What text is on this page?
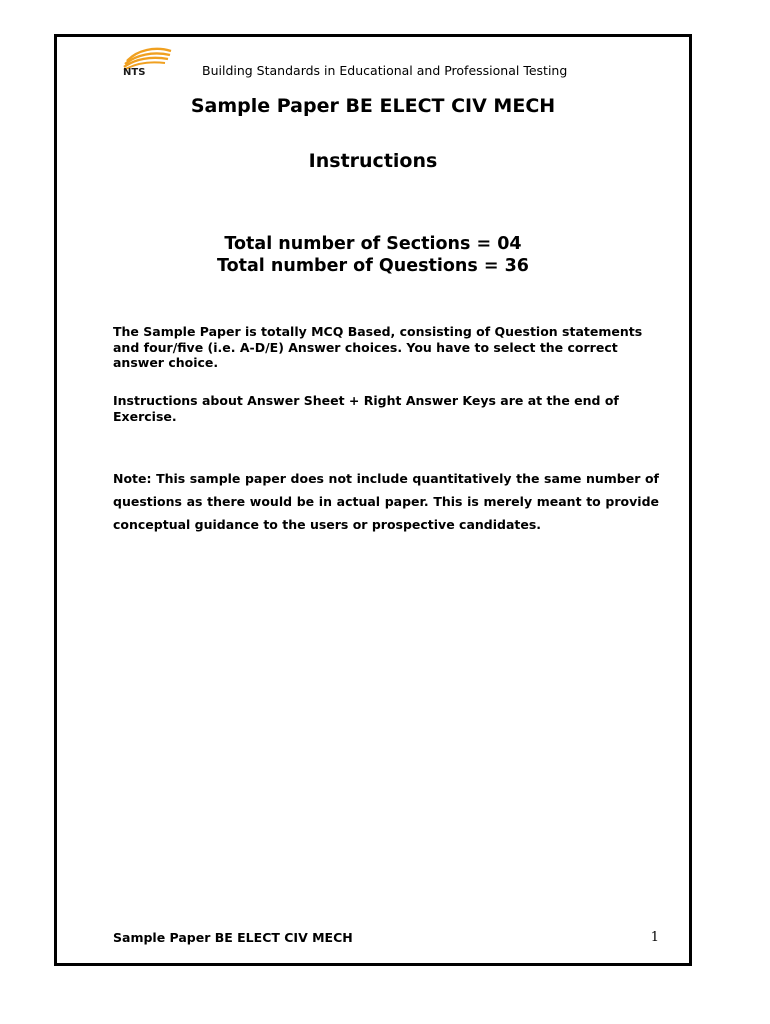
NTS	Building Standards in Educational and Professional Testing
Sample Paper BE ELECT CIV MECH
Instructions
Total number of Sections = 04
Total number of Questions = 36
The Sample Paper is totally MCQ Based, consisting of Question statements and four/five (i.e. A-D/E) Answer choices. You have to select the correct answer choice.
Instructions about Answer Sheet + Right Answer Keys are at the end of Exercise.
Note: This sample paper does not include quantitatively the same number of questions as there would be in actual paper. This is merely meant to provide conceptual guidance to the users or prospective candidates.
Sample Paper BE ELECT CIV MECH	1
